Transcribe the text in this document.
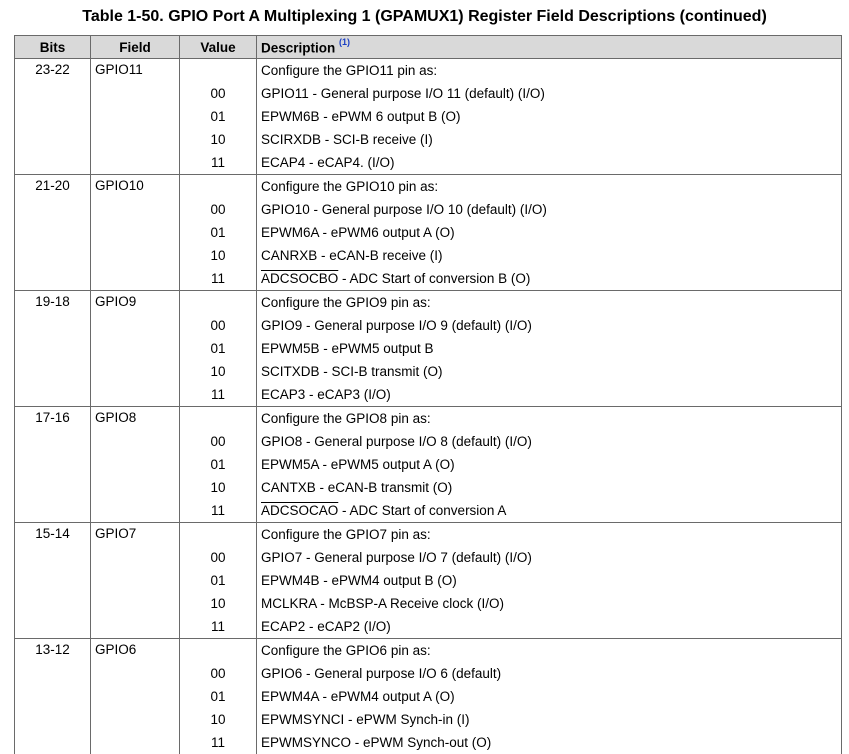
Table 1-50. GPIO Port A Multiplexing 1 (GPAMUX1) Register Field Descriptions (continued)
Bits	Field	Value	Description $^{(1)}$
23-22	GPIO11		Configure the GPIO11 pin as:
		00	GPIO11 - General purpose I/O 11 (default) (I/O)
		01	EPWM6B - ePWM 6 output B (O)
		10	SCIRXDB - SCI-B receive (I)
		11	ECAP4 - eCAP4. (I/O)
21-20	GPIO10		Configure the GPIO10 pin as:
		00	GPIO10 - General purpose I/O 10 (default) (I/O)
		01	EPWM6A - ePWM6 output A (O)
		10	CANRXB - eCAN-B receive (I)
		11	ADCSOCBO - ADC Start of conversion B (O)
19-18	GPIO9		Configure the GPIO9 pin as:
		00	GPIO9 - General purpose I/O 9 (default) (I/O)
		01	EPWM5B - ePWM5 output B
		10	SCITXDB - SCI-B transmit (O)
		11	ECAP3 - eCAP3 (I/O)
17-16	GPIO8		Configure the GPIO8 pin as:
		00	GPIO8 - General purpose I/O 8 (default) (I/O)
		01	EPWM5A - ePWM5 output A (O)
		10	CANTXB - eCAN-B transmit (O)
		11	ADCSOCAO - ADC Start of conversion A
15-14	GPIO7		Configure the GPIO7 pin as:
		00	GPIO7 - General purpose I/O 7 (default) (I/O)
		01	EPWM4B - ePWM4 output B (O)
		10	MCLKRA - McBSP-A Receive clock (I/O)
		11	ECAP2 - eCAP2 (I/O)
13-12	GPIO6		Configure the GPIO6 pin as:
		00	GPIO6 - General purpose I/O 6 (default)
		01	EPWM4A - ePWM4 output A (O)
		10	EPWMSYNCI - ePWM Synch-in (I)
		11	EPWMSYNCO - ePWM Synch-out (O)
